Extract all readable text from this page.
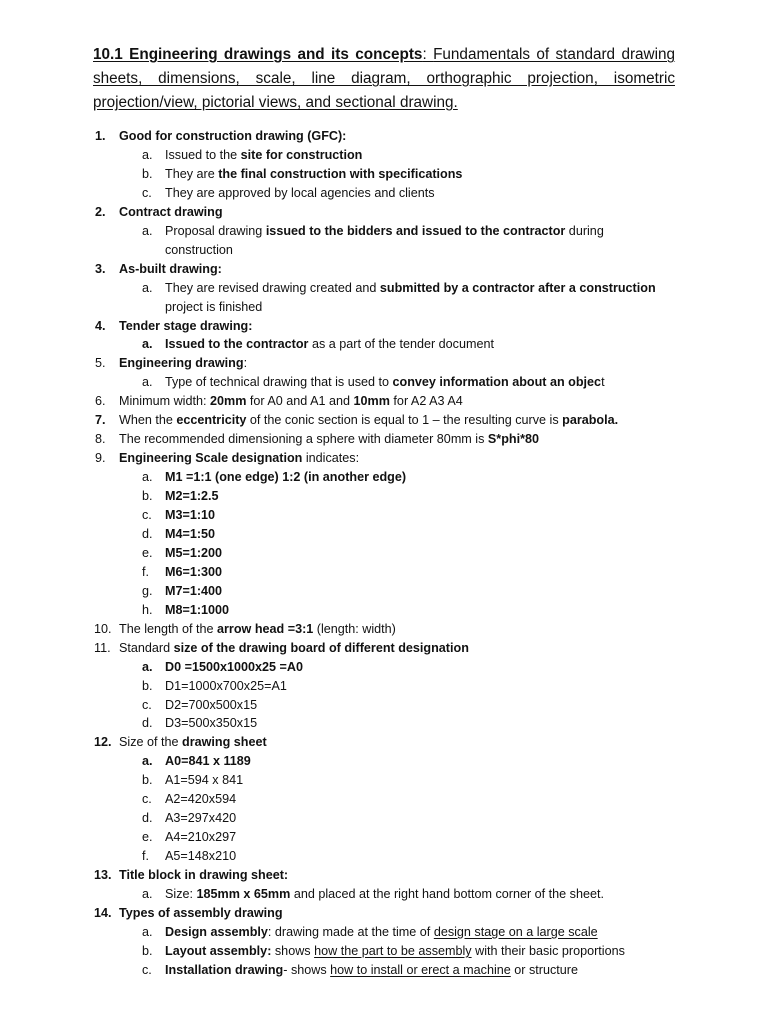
10.1 Engineering drawings and its concepts: Fundamentals of standard drawing sheets, dimensions, scale, line diagram, orthographic projection, isometric projection/view, pictorial views, and sectional drawing.
1.	Good for construction drawing (GFC):
a. Issued to the site for construction
b. They are the final construction with specifications
c.	They are approved by local agencies and clients
2.	Contract drawing
a. Proposal drawing issued to the bidders and issued to the contractor during
construction
3.	As-built drawing:
a. They are revised drawing created and submitted by a contractor after a construction
project is finished
4.	Tender stage drawing:
a. Issued to the contractor as a part of the tender document
5.	Engineering drawing:
a. Type of technical drawing that is used to convey information about an object
6.	Minimum width: 20mm for A0 and A1 and 10mm for A2 A3 A4
7.	When the eccentricity of the conic section is equal to 1 – the resulting curve is parabola.
8.	The recommended dimensioning a sphere with diameter 80mm is S*phi*80
9.	Engineering Scale designation indicates:
a. M1 =1:1 (one edge) 1:2 (in another edge)
b. M2=1:2.5
c.	M3=1:10
d. M4=1:50
e. M5=1:200
f.	M6=1:300
g. M7=1:400
h. M8=1:1000
10. The length of the arrow head =3:1 (length: width)
11. Standard size of the drawing board of different designation
a. D0 =1500x1000x25 =A0
b. D1=1000x700x25=A1
c.	D2=700x500x15
d. D3=500x350x15
12. Size of the drawing sheet
a. A0=841 x 1189
b. A1=594 x 841
c.	A2=420x594
d. A3=297x420
e. A4=210x297
f.	A5=148x210
13. Title block in drawing sheet:
a. Size: 185mm x 65mm and placed at the right hand bottom corner of the sheet.
14. Types of assembly drawing
a. Design assembly: drawing made at the time of design stage on a large scale
b. Layout assembly: shows how the part to be assembly with their basic proportions
c.	Installation drawing- shows how to install or erect a machine or structure
